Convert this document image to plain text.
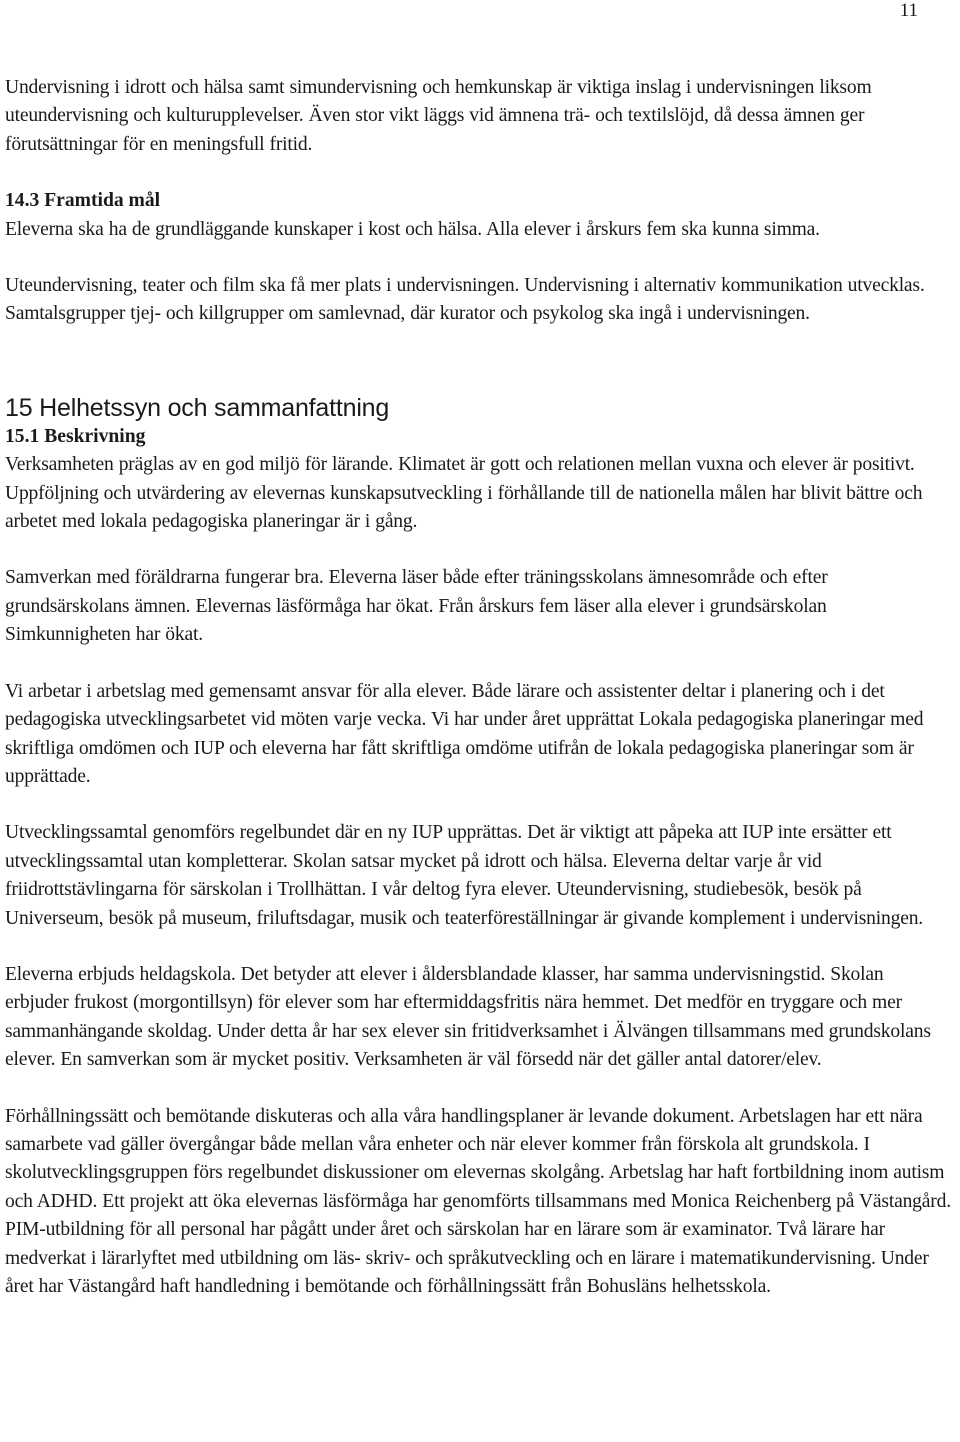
11

Undervisning i idrott och hälsa samt simundervisning och hemkunskap är viktiga inslag i undervisningen liksom uteundervisning och kulturupplevelser. Även stor vikt läggs vid ämnena trä- och textilslöjd, då dessa ämnen ger förutsättningar för en meningsfull fritid.

14.3 Framtida mål

Eleverna ska ha de grundläggande kunskaper i kost och hälsa. Alla elever i årskurs fem ska kunna simma.

Uteundervisning, teater och film ska få mer plats i undervisningen. Undervisning i alternativ kommunikation utvecklas. Samtalsgrupper tjej- och killgrupper om samlevnad, där kurator och psykolog ska ingå i undervisningen.

15 Helhetssyn och sammanfattning
15.1 Beskrivning

Verksamheten präglas av en god miljö för lärande. Klimatet är gott och relationen mellan vuxna och elever är positivt. Uppföljning och utvärdering av elevernas kunskapsutveckling i förhållande till de nationella målen har blivit bättre och arbetet med lokala pedagogiska planeringar är i gång.

Samverkan med föräldrarna fungerar bra. Eleverna läser både efter träningsskolans ämnesområde och efter grundsärskolans ämnen. Elevernas läsförmåga har ökat. Från årskurs fem läser alla elever i grundsärskolan Simkunnigheten har ökat.

Vi arbetar i arbetslag med gemensamt ansvar för alla elever. Både lärare och assistenter deltar i planering och i det pedagogiska utvecklingsarbetet vid möten varje vecka. Vi har under året upprättat Lokala pedagogiska planeringar med skriftliga omdömen och IUP och eleverna har fått skriftliga omdöme utifrån de lokala pedagogiska planeringar som är upprättade.

Utvecklingssamtal genomförs regelbundet där en ny IUP upprättas. Det är viktigt att påpeka att IUP inte ersätter ett utvecklingssamtal utan kompletterar. Skolan satsar mycket på idrott och hälsa. Eleverna deltar varje år vid friidrottstävlingarna för särskolan i Trollhättan. I vår deltog fyra elever. Uteundervisning, studiebesök, besök på Universeum, besök på museum, friluftsdagar, musik och teaterföreställningar är givande komplement i undervisningen.

Eleverna erbjuds heldagskola. Det betyder att elever i åldersblandade klasser, har samma undervisningstid. Skolan erbjuder frukost (morgontillsyn) för elever som har eftermiddagsfritis nära hemmet. Det medför en tryggare och mer sammanhängande skoldag. Under detta år har sex elever sin fritidverksamhet i Älvängen tillsammans med grundskolans elever. En samverkan som är mycket positiv. Verksamheten är väl försedd när det gäller antal datorer/elev.

Förhållningssätt och bemötande diskuteras och alla våra handlingsplaner är levande dokument. Arbetslagen har ett nära samarbete vad gäller övergångar både mellan våra enheter och när elever kommer från förskola alt grundskola. I skolutvecklingsgruppen förs regelbundet diskussioner om elevernas skolgång. Arbetslag har haft fortbildning inom autism och ADHD. Ett projekt att öka elevernas läsförmåga har genomförts tillsammans med Monica Reichenberg på Västangård. PIM-utbildning för all personal har pågått under året och särskolan har en lärare som är examinator. Två lärare har medverkat i lärarlyftet med utbildning om läs- skriv- och språkutveckling och en lärare i matematikundervisning. Under året har Västangård haft handledning i bemötande och förhållningssätt från Bohusläns helhetsskola.
